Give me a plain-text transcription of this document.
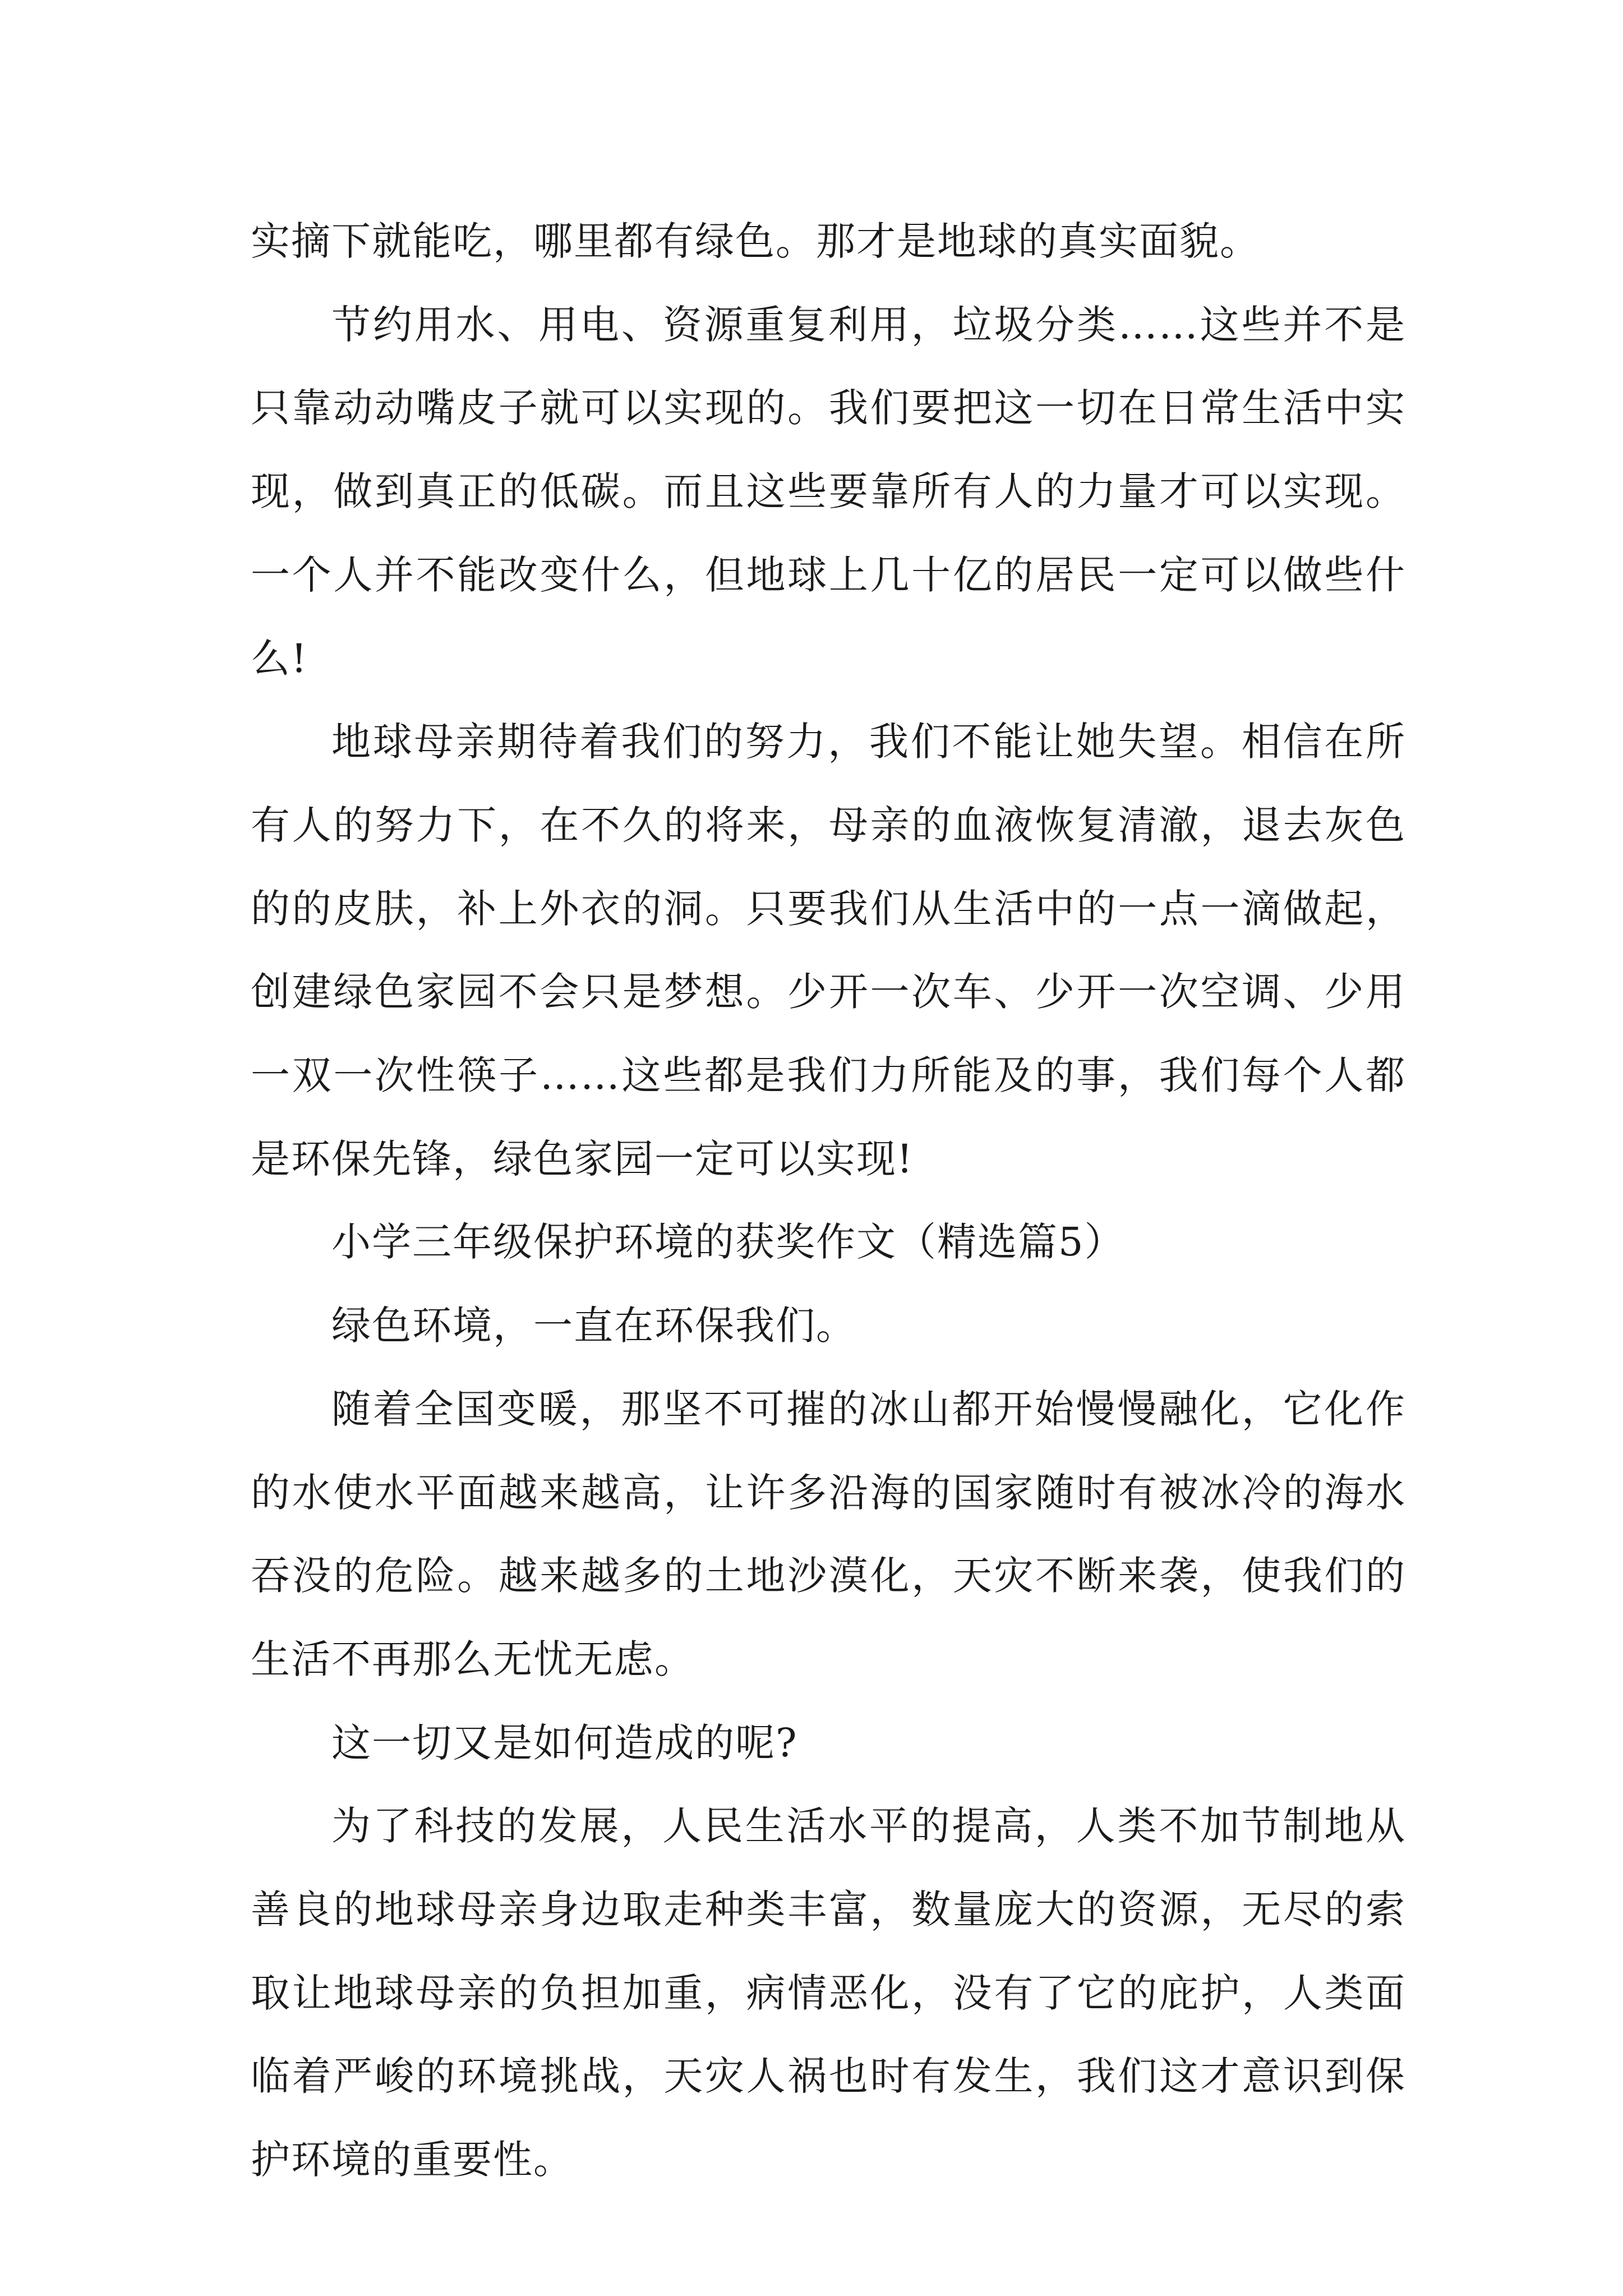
实摘下就能吃，哪里都有绿色。那才是地球的真实面貌。

节约用水、用电、资源重复利用，垃圾分类……这些并不是只靠动动嘴皮子就可以实现的。我们要把这一切在日常生活中实现，做到真正的低碳。而且这些要靠所有人的力量才可以实现。一个人并不能改变什么，但地球上几十亿的居民一定可以做些什么!

地球母亲期待着我们的努力，我们不能让她失望。相信在所有人的努力下，在不久的将来，母亲的血液恢复清澈，退去灰色的的皮肤，补上外衣的洞。只要我们从生活中的一点一滴做起，创建绿色家园不会只是梦想。少开一次车、少开一次空调、少用一双一次性筷子……这些都是我们力所能及的事，我们每个人都是环保先锋，绿色家园一定可以实现!

小学三年级保护环境的获奖作文（精选篇5）

绿色环境，一直在环保我们。

随着全国变暖，那坚不可摧的冰山都开始慢慢融化，它化作的水使水平面越来越高，让许多沿海的国家随时有被冰冷的海水吞没的危险。越来越多的土地沙漠化，天灾不断来袭，使我们的生活不再那么无忧无虑。

这一切又是如何造成的呢?

为了科技的发展，人民生活水平的提高，人类不加节制地从善良的地球母亲身边取走种类丰富，数量庞大的资源，无尽的索取让地球母亲的负担加重，病情恶化，没有了它的庇护，人类面临着严峻的环境挑战，天灾人祸也时有发生，我们这才意识到保护环境的重要性。
